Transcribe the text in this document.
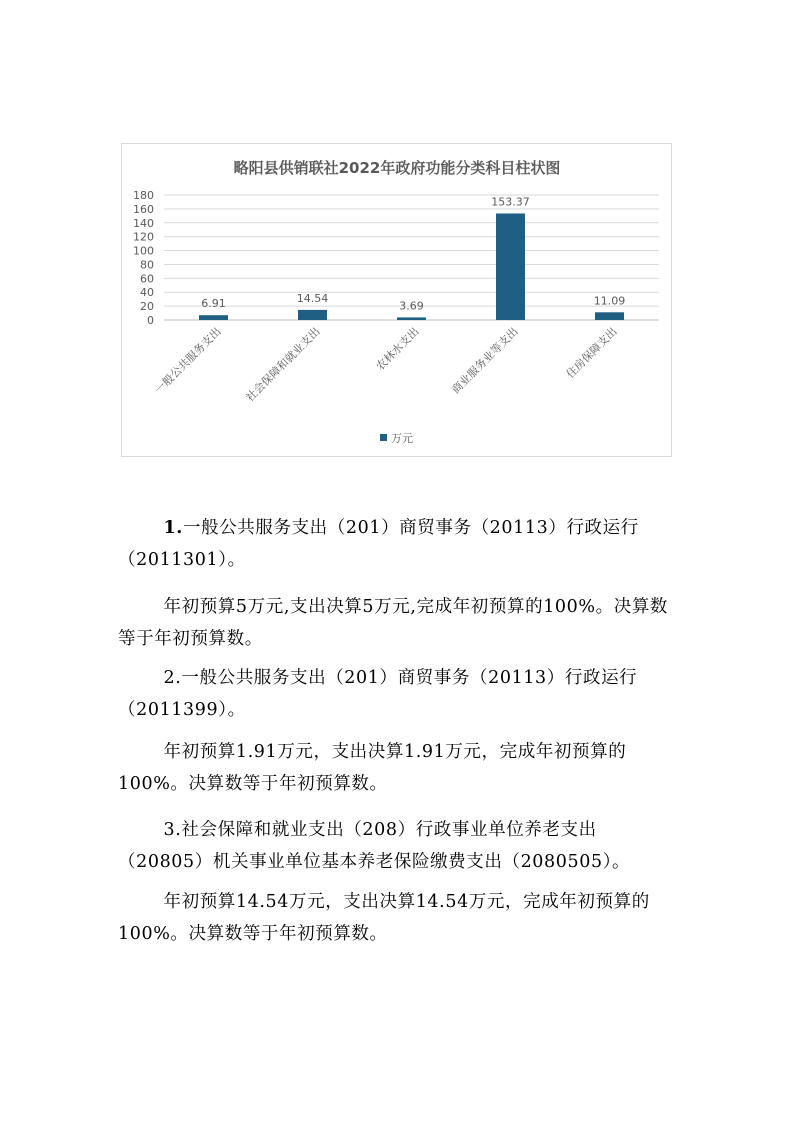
略阳县供销联社2022年政府功能分类科目柱状图
0
20
40
60
80
100
120
140
160
180
6.91	14.54
3.69
153.37
11.09
一般公共服务支出 社会保障和就业支出	农林水支出	商业服务业等支出	住房保障支出
万元

1.一般公共服务支出（201）商贸事务（20113）行政运行（2011301）。

年初预算5万元,支出决算5万元,完成年初预算的100%。决算数等于年初预算数。

2.一般公共服务支出（201）商贸事务（20113）行政运行（2011399）。

年初预算1.91万元，支出决算1.91万元，完成年初预算的100%。决算数等于年初预算数。

3.社会保障和就业支出（208）行政事业单位养老支出（20805）机关事业单位基本养老保险缴费支出（2080505）。

年初预算14.54万元，支出决算14.54万元，完成年初预算的100%。决算数等于年初预算数。
